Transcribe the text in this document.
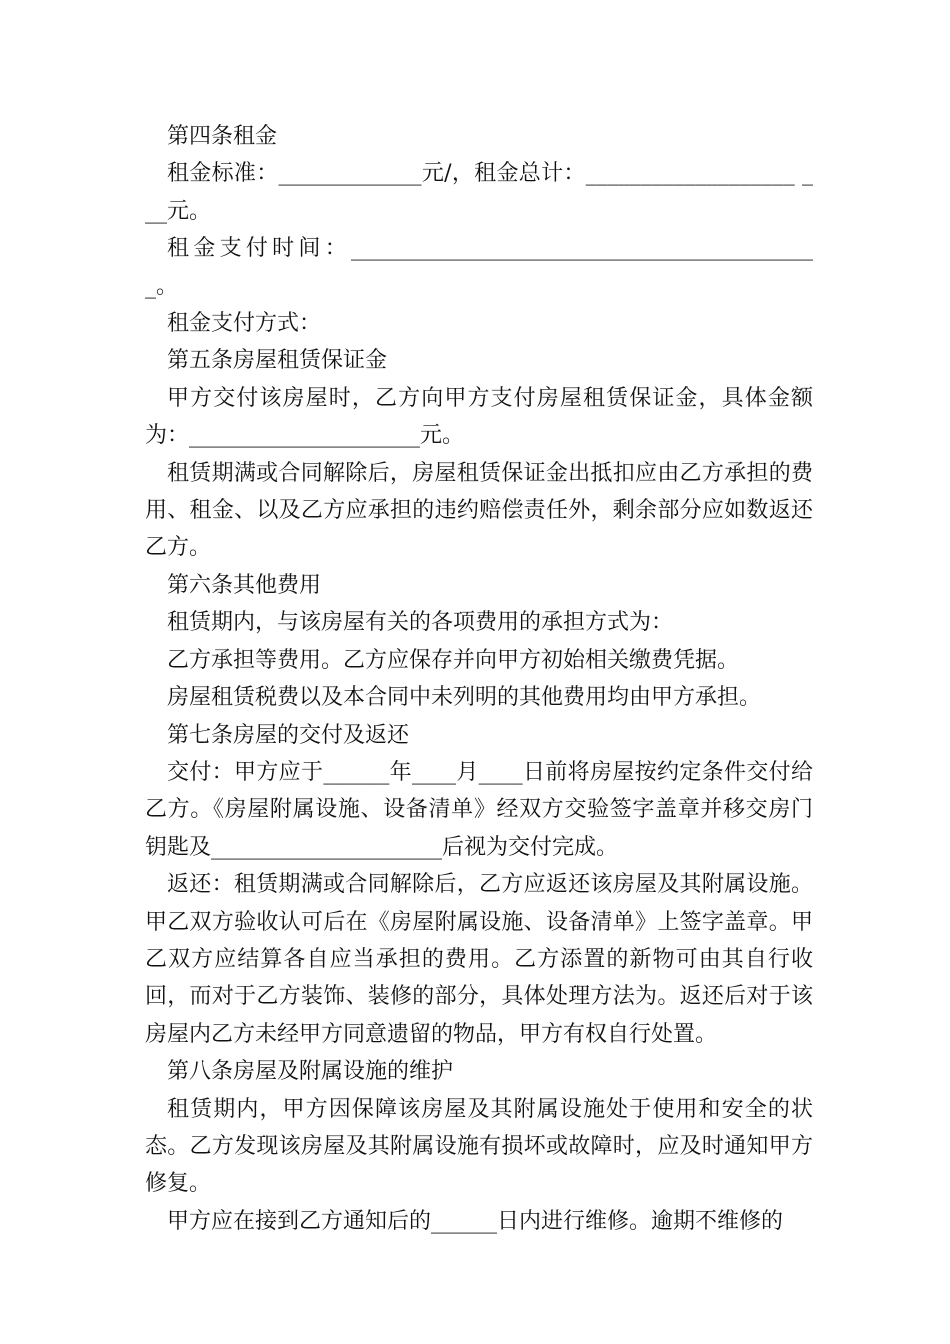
第四条租金

租金标准：_____________元/，租金总计：___________________ ___元。

租金支付时间：___________________________________________。

租金支付方式：

第五条房屋租赁保证金

甲方交付该房屋时，乙方向甲方支付房屋租赁保证金，具体金额为：_____________________元。

租赁期满或合同解除后，房屋租赁保证金出抵扣应由乙方承担的费用、租金、以及乙方应承担的违约赔偿责任外，剩余部分应如数返还乙方。

第六条其他费用

租赁期内，与该房屋有关的各项费用的承担方式为：

乙方承担等费用。乙方应保存并向甲方初始相关缴费凭据。

房屋租赁税费以及本合同中未列明的其他费用均由甲方承担。

第七条房屋的交付及返还

交付：甲方应于______年____月____日前将房屋按约定条件交付给乙方。《房屋附属设施、设备清单》经双方交验签字盖章并移交房门钥匙及_____________________后视为交付完成。

返还：租赁期满或合同解除后，乙方应返还该房屋及其附属设施。甲乙双方验收认可后在《房屋附属设施、设备清单》上签字盖章。甲乙双方应结算各自应当承担的费用。乙方添置的新物可由其自行收回，而对于乙方装饰、装修的部分，具体处理方法为。返还后对于该房屋内乙方未经甲方同意遗留的物品，甲方有权自行处置。

第八条房屋及附属设施的维护

租赁期内，甲方因保障该房屋及其附属设施处于使用和安全的状态。乙方发现该房屋及其附属设施有损坏或故障时，应及时通知甲方修复。

甲方应在接到乙方通知后的______日内进行维修。逾期不维修的
